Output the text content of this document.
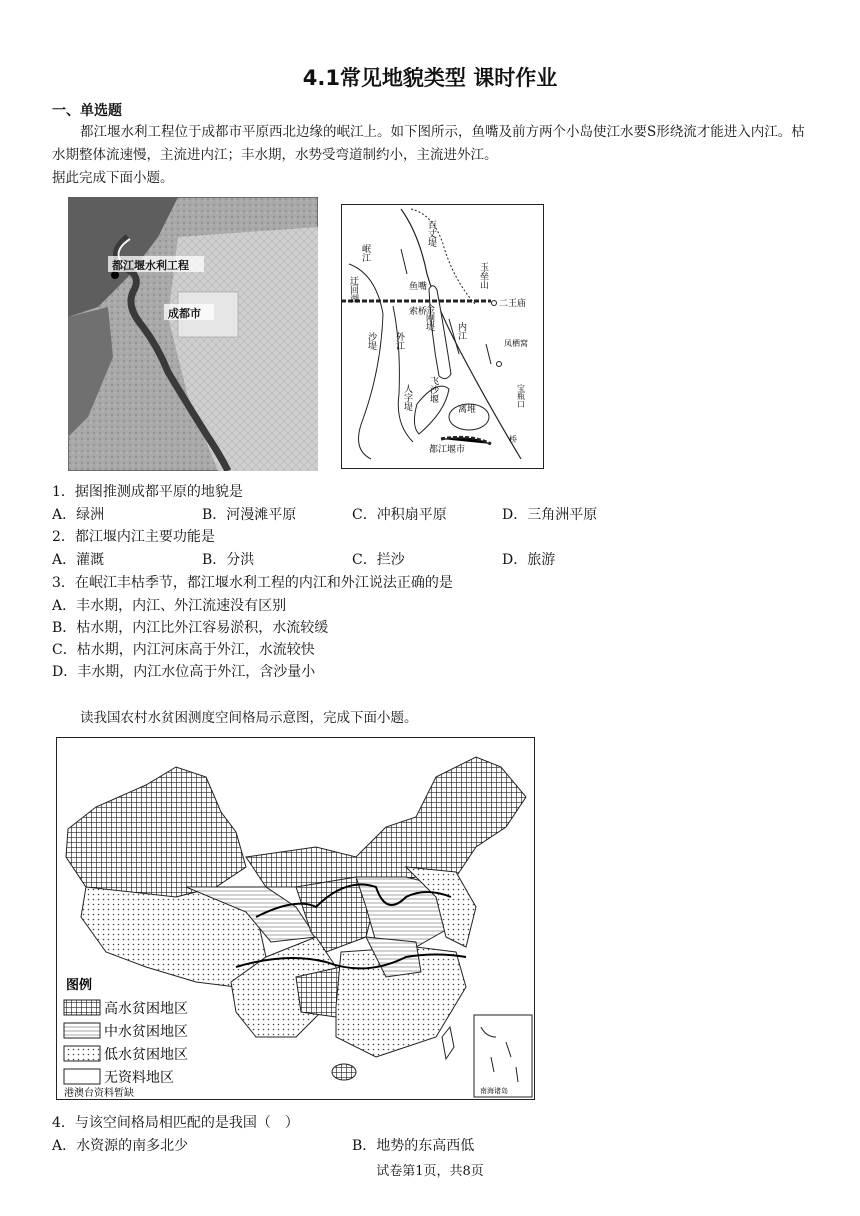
4.1常见地貌类型 课时作业
一、单选题
都江堰水利工程位于成都市平原西北边缘的岷江上。如下图所示，鱼嘴及前方两个小岛使江水要S形绕流才能进入内江。枯水期整体流速慢，主流进内江；丰水期，水势受弯道制约小，主流进外江。
据此完成下面小题。
都江堰水利工程
成都市
百丈堤
岷江
鱼嘴	玉垒山
二王庙
迂回湖
索桥
金刚堤 内江
外江
沙堤
飞沙堰
人字堤	离堆
凤栖窝
宝瓶口
都江堰市
桥
1．据图推测成都平原的地貌是
A．绿洲	B．河漫滩平原	C．冲积扇平原	D．三角洲平原
2．都江堰内江主要功能是
A．灌溉	B．分洪	C．拦沙	D．旅游
3．在岷江丰枯季节，都江堰水利工程的内江和外江说法正确的是
A．丰水期，内江、外江流速没有区别
B．枯水期，内江比外江容易淤积，水流较缓
C．枯水期，内江河床高于外江，水流较快
D．丰水期，内江水位高于外江，含沙量小
读我国农村水贫困测度空间格局示意图，完成下面小题。
南海诸岛
图例
高水贫困地区
中水贫困地区
低水贫困地区
无资料地区
港澳台资料暂缺
4．与该空间格局相匹配的是我国（　）
A．水资源的南多北少	B．地势的东高西低
试卷第1页，共8页
